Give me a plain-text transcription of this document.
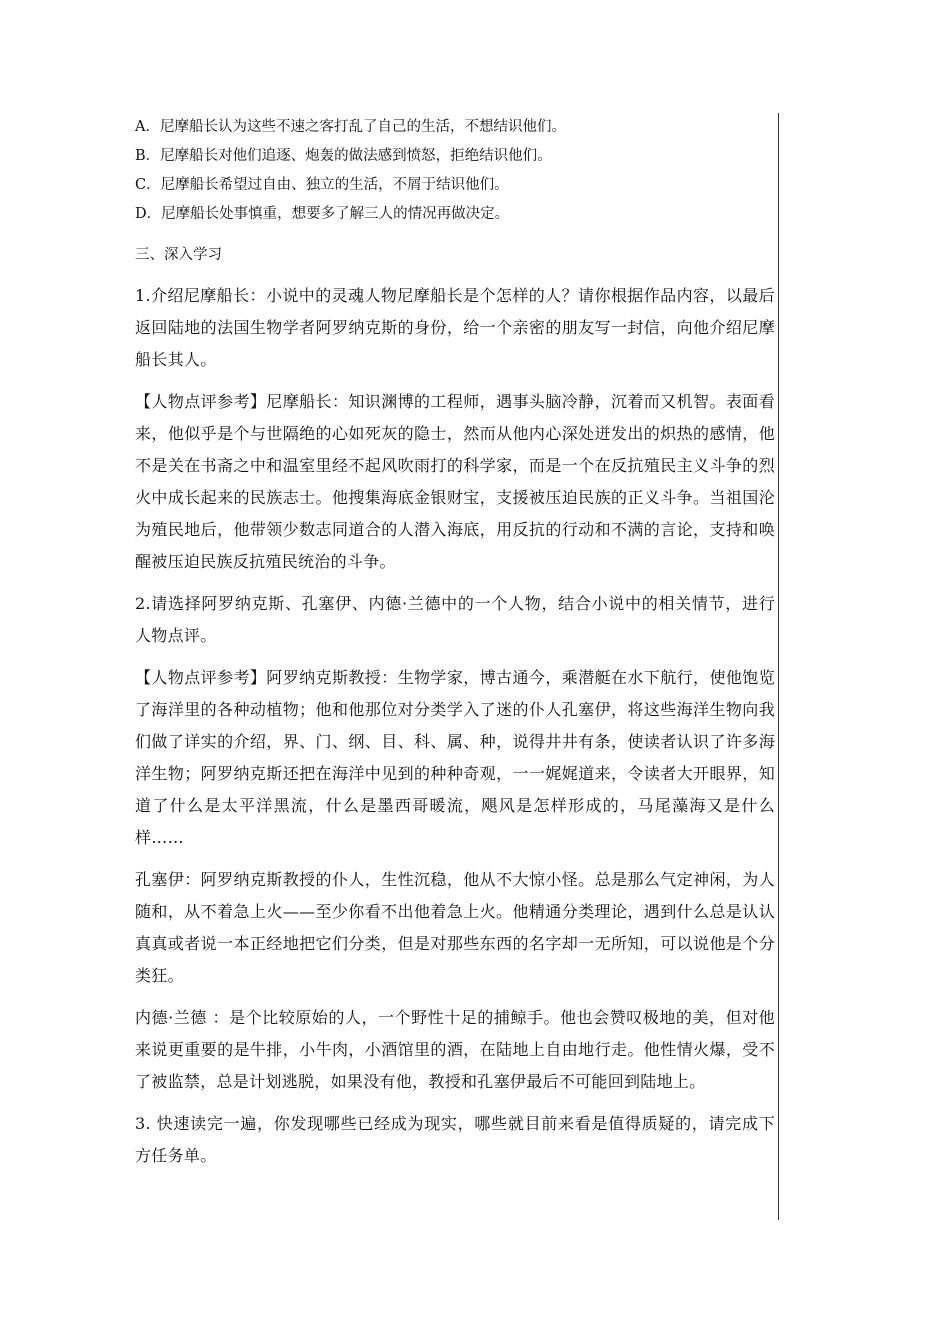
A．尼摩船长认为这些不速之客打乱了自己的生活，不想结识他们。

B．尼摩船长对他们追逐、炮轰的做法感到愤怒，拒绝结识他们。

C．尼摩船长希望过自由、独立的生活，不屑于结识他们。

D．尼摩船长处事慎重，想要多了解三人的情况再做决定。

三、深入学习

1.介绍尼摩船长：小说中的灵魂人物尼摩船长是个怎样的人？请你根据作品内容，以最后返回陆地的法国生物学者阿罗纳克斯的身份，给一个亲密的朋友写一封信，向他介绍尼摩船长其人。

【人物点评参考】尼摩船长：知识渊博的工程师，遇事头脑冷静，沉着而又机智。表面看来，他似乎是个与世隔绝的心如死灰的隐士，然而从他内心深处迸发出的炽热的感情，他不是关在书斋之中和温室里经不起风吹雨打的科学家，而是一个在反抗殖民主义斗争的烈火中成长起来的民族志士。他搜集海底金银财宝，支援被压迫民族的正义斗争。当祖国沦为殖民地后，他带领少数志同道合的人潜入海底，用反抗的行动和不满的言论，支持和唤醒被压迫民族反抗殖民统治的斗争。

2.请选择阿罗纳克斯、孔塞伊、内德·兰德中的一个人物，结合小说中的相关情节，进行人物点评。

【人物点评参考】阿罗纳克斯教授：生物学家，博古通今，乘潜艇在水下航行，使他饱览了海洋里的各种动植物；他和他那位对分类学入了迷的仆人孔塞伊，将这些海洋生物向我们做了详实的介绍，界、门、纲、目、科、属、种，说得井井有条，使读者认识了许多海洋生物；阿罗纳克斯还把在海洋中见到的种种奇观，一一娓娓道来，令读者大开眼界，知道了什么是太平洋黑流，什么是墨西哥暖流，飓风是怎样形成的，马尾藻海又是什么样……

孔塞伊：阿罗纳克斯教授的仆人，生性沉稳，他从不大惊小怪。总是那么气定神闲，为人随和，从不着急上火——至少你看不出他着急上火。他精通分类理论，遇到什么总是认认真真或者说一本正经地把它们分类，但是对那些东西的名字却一无所知，可以说他是个分类狂。

内德·兰德 ：是个比较原始的人，一个野性十足的捕鲸手。他也会赞叹极地的美，但对他来说更重要的是牛排，小牛肉，小酒馆里的酒，在陆地上自由地行走。他性情火爆，受不了被监禁，总是计划逃脱，如果没有他，教授和孔塞伊最后不可能回到陆地上。

3. 快速读完一遍，你发现哪些已经成为现实，哪些就目前来看是值得质疑的，请完成下方任务单。
